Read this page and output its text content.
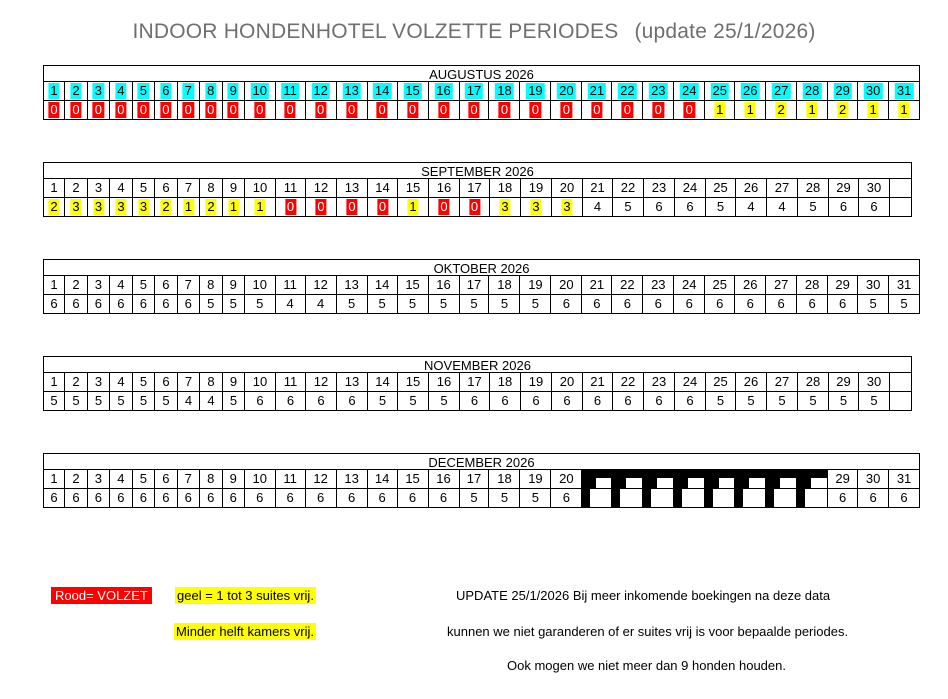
INDOOR HONDENHOTEL VOLZETTE PERIODES (update 25/1/2026)
AUGUSTUS 2026
1 2 3 4 5 6 7 8 9 10 11 12 13 14 15 16 17 18 19 20 21 22 23 24 25 26 27 28 29 30 31
0 0 0 0 0 0 0 0 0 0 0 0 0 0 0 0 0 0 0 0 0 0 0 0 1 1 2 1 2 1 1
SEPTEMBER 2026
1 2 3 4 5 6 7 8 9 10 11 12 13 14 15 16 17 18 19 20 21 22 23 24 25 26 27 28 29 30
2 3 3 3 3 2 1 2 1 1 0 0 0 0 1 0 0 3 3 3 4 5 6 6 5 4 4 5 6 6
OKTOBER 2026
1 2 3 4 5 6 7 8 9 10 11 12 13 14 15 16 17 18 19 20 21 22 23 24 25 26 27 28 29 30 31
6 6 6 6 6 6 6 5 5 5 4 4 5 5 5 5 5 5 5 6 6 6 6 6 6 6 6 6 6 5 5
NOVEMBER 2026
1 2 3 4 5 6 7 8 9 10 11 12 13 14 15 16 17 18 19 20 21 22 23 24 25 26 27 28 29 30
5 5 5 5 5 5 4 4 5 6 6 6 6 5 5 5 6 6 6 6 6 6 6 6 5 5 5 5 5 5
DECEMBER 2026
1 2 3 4 5 6 7 8 9 10 11 12 13 14 15 16 17 18 19 20	29 30 31
6 6 6 6 6 6 6 6 6 6 6 6 6 6 6 6 5 5 5 6	6 6 6
Rood= VOLZET	geel = 1 tot 3 suites vrij.
Minder helft kamers vrij.
UPDATE 25/1/2026 Bij meer inkomende boekingen na deze data
kunnen we niet garanderen of er suites vrij is voor bepaalde periodes.
Ook mogen we niet meer dan 9 honden houden.
